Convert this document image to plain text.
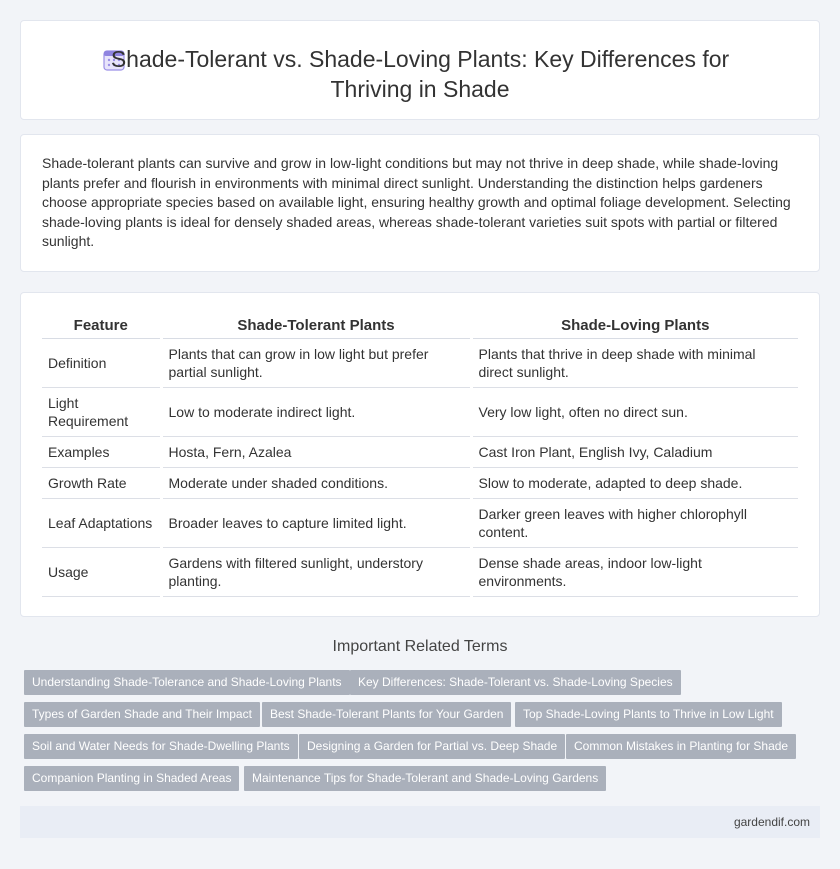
Shade-Tolerant vs. Shade-Loving Plants: Key Differences for Thriving in Shade

Shade-tolerant plants can survive and grow in low-light conditions but may not thrive in deep shade, while shade-loving plants prefer and flourish in environments with minimal direct sunlight. Understanding the distinction helps gardeners choose appropriate species based on available light, ensuring healthy growth and optimal foliage development. Selecting shade-loving plants is ideal for densely shaded areas, whereas shade-tolerant varieties suit spots with partial or filtered sunlight.

Feature	Shade-Tolerant Plants	Shade-Loving Plants
Definition	Plants that can grow in low light but prefer partial sunlight.	Plants that thrive in deep shade with minimal direct sunlight.
Light Requirement	Low to moderate indirect light.	Very low light, often no direct sun.
Examples	Hosta, Fern, Azalea	Cast Iron Plant, English Ivy, Caladium
Growth Rate	Moderate under shaded conditions.	Slow to moderate, adapted to deep shade.
Leaf Adaptations	Broader leaves to capture limited light.	Darker green leaves with higher chlorophyll content.
Usage	Gardens with filtered sunlight, understory planting.	Dense shade areas, indoor low-light environments.
Important Related Terms
Understanding Shade-Tolerance and Shade-Loving Plants	Key Differences: Shade-Tolerant vs. Shade-Loving Species
Types of Garden Shade and Their Impact	Best Shade-Tolerant Plants for Your Garden	Top Shade-Loving Plants to Thrive in Low Light
Soil and Water Needs for Shade-Dwelling Plants	Designing a Garden for Partial vs. Deep Shade	Common Mistakes in Planting for Shade
Companion Planting in Shaded Areas	Maintenance Tips for Shade-Tolerant and Shade-Loving Gardens
gardendif.com
